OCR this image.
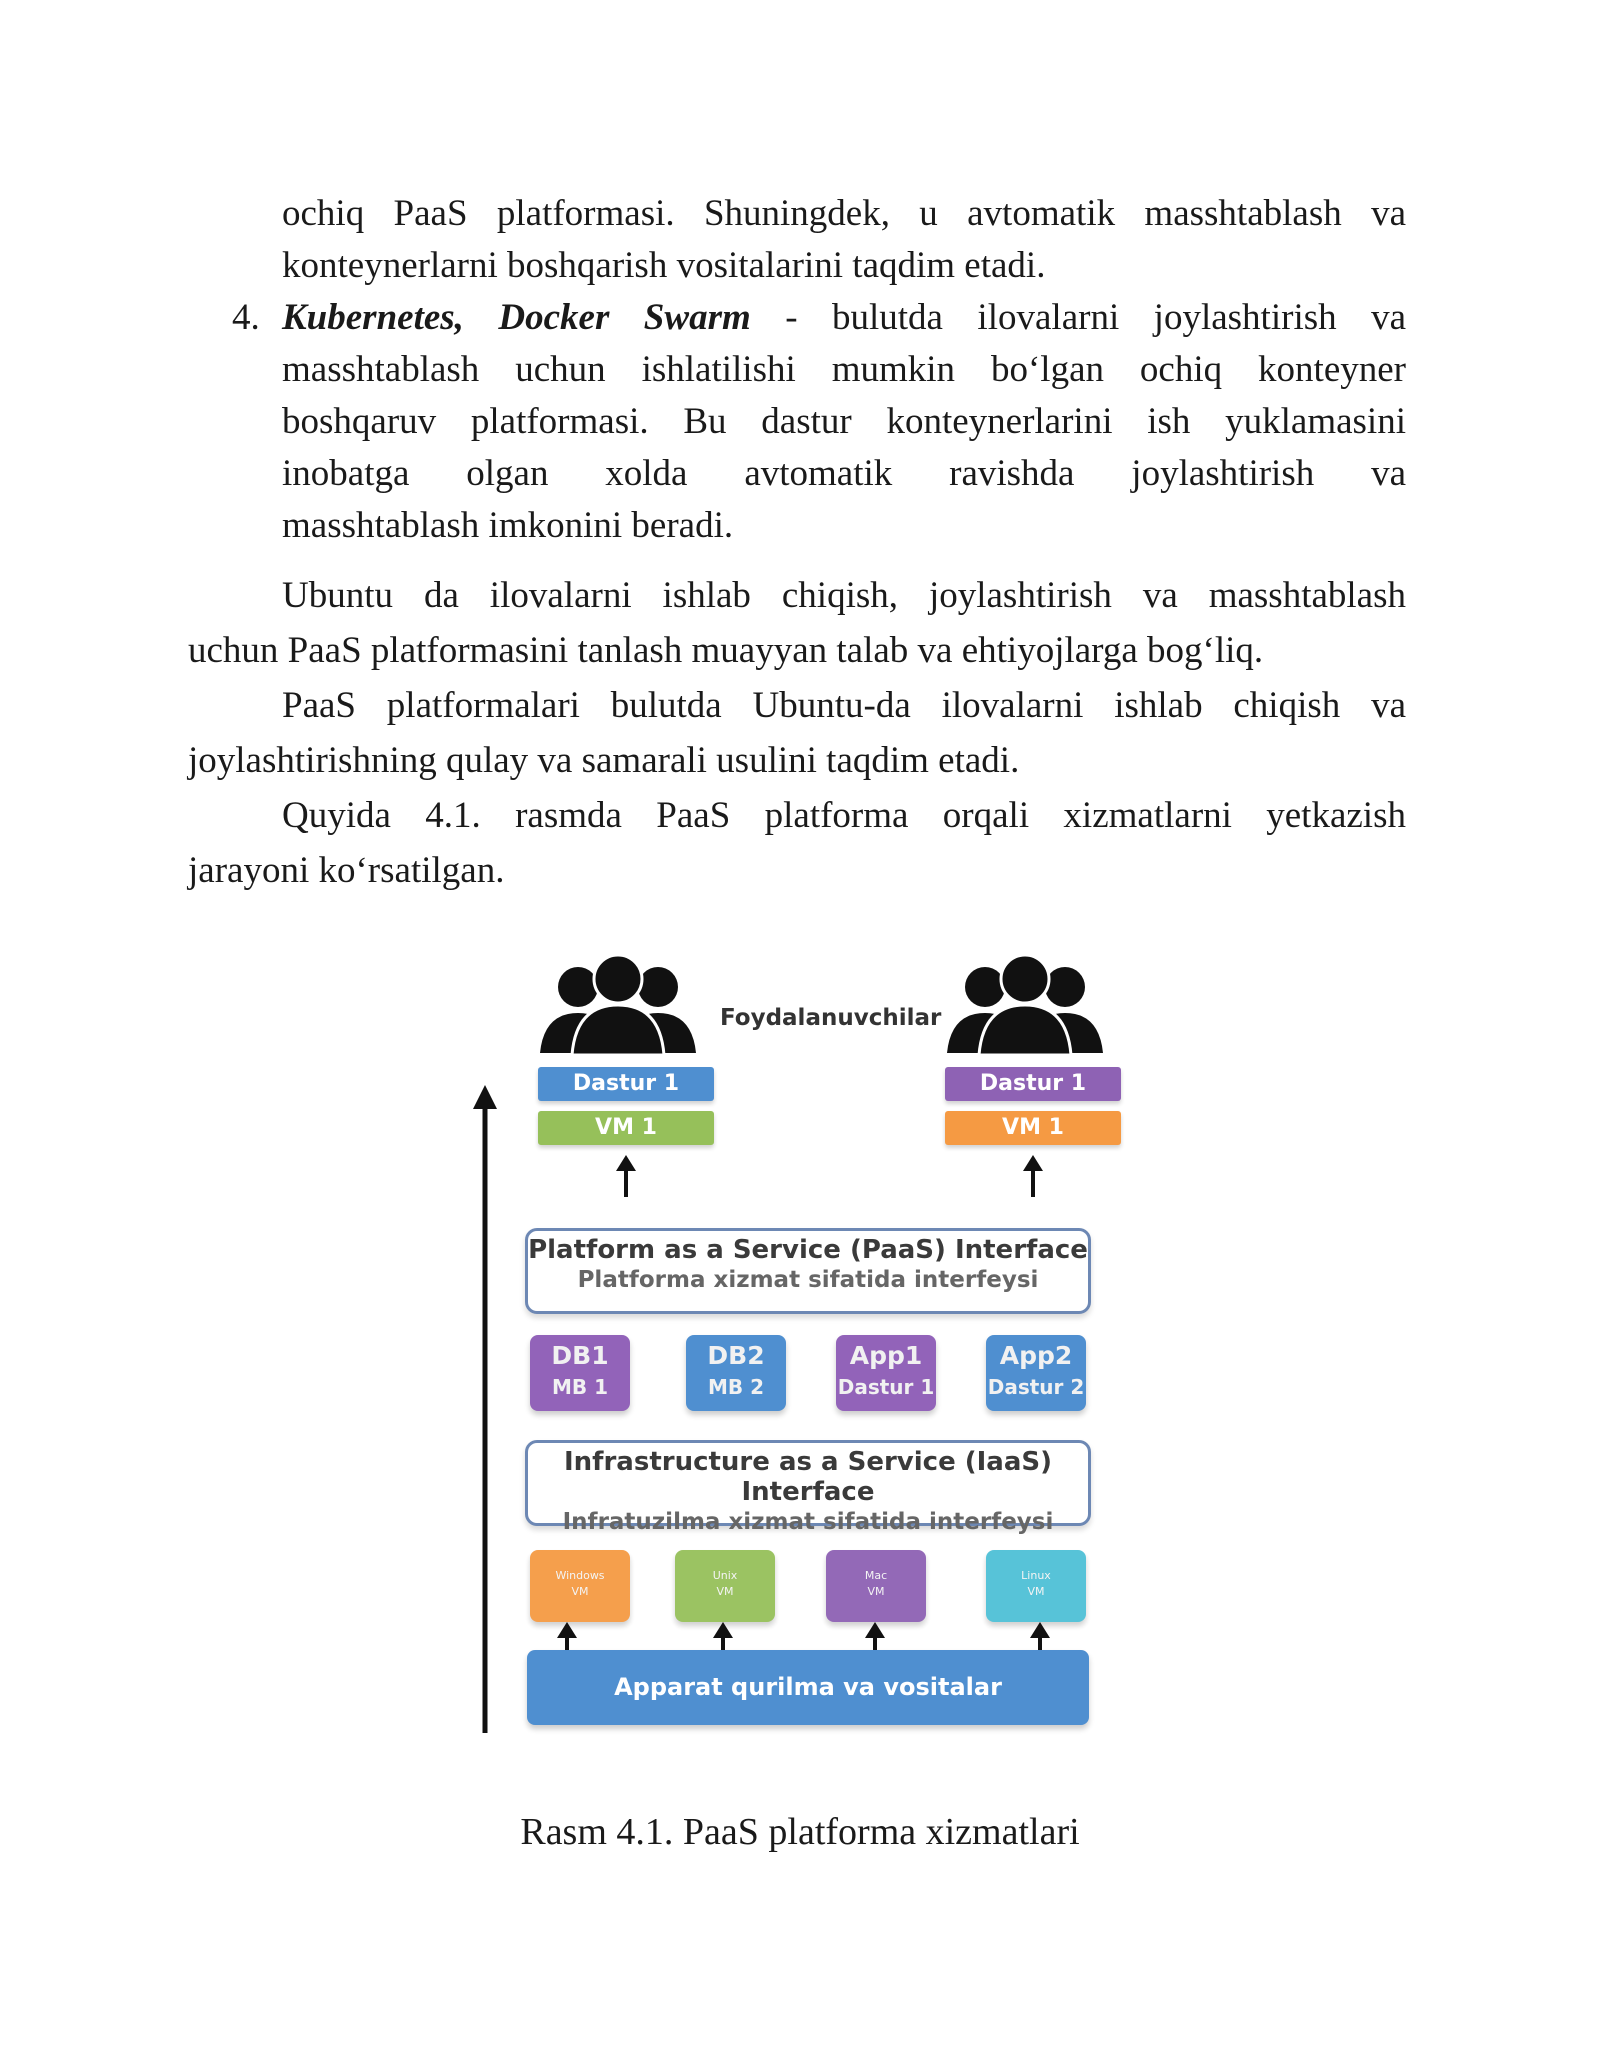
ochiq PaaS platformasi. Shuningdek, u avtomatik masshtablash va
konteynerlarni boshqarish vositalarini taqdim etadi.
4. Kubernetes, Docker Swarm - bulutda ilovalarni joylashtirish va
masshtablash uchun ishlatilishi mumkin bo‘lgan ochiq konteyner
boshqaruv platformasi. Bu dastur konteynerlarini ish yuklamasini
inobatga olgan xolda avtomatik ravishda joylashtirish va
masshtablash imkonini beradi.
Ubuntu da ilovalarni ishlab chiqish, joylashtirish va masshtablash
uchun PaaS platformasini tanlash muayyan talab va ehtiyojlarga bog‘liq.
PaaS platformalari bulutda Ubuntu-da ilovalarni ishlab chiqish va
joylashtirishning qulay va samarali usulini taqdim etadi.
Quyida 4.1. rasmda PaaS platforma orqali xizmatlarni yetkazish
jarayoni ko‘rsatilgan.
Foydalanuvchilar
Dastur 1
VM 1
Dastur 1
VM 1
Platform as a Service (PaaS) Interface
Platforma xizmat sifatida interfeysi
DB1
MB 1
DB2
MB 2
App1
Dastur 1
App2
Dastur 2
Infrastructure as a Service (IaaS) Interface
Infratuzilma xizmat sifatida interfeysi
Windows
VM
Unix
VM
Mac
VM
Linux
VM
Apparat qurilma va vositalar infratuzilmasi
Rasm 4.1. PaaS platforma xizmatlari
